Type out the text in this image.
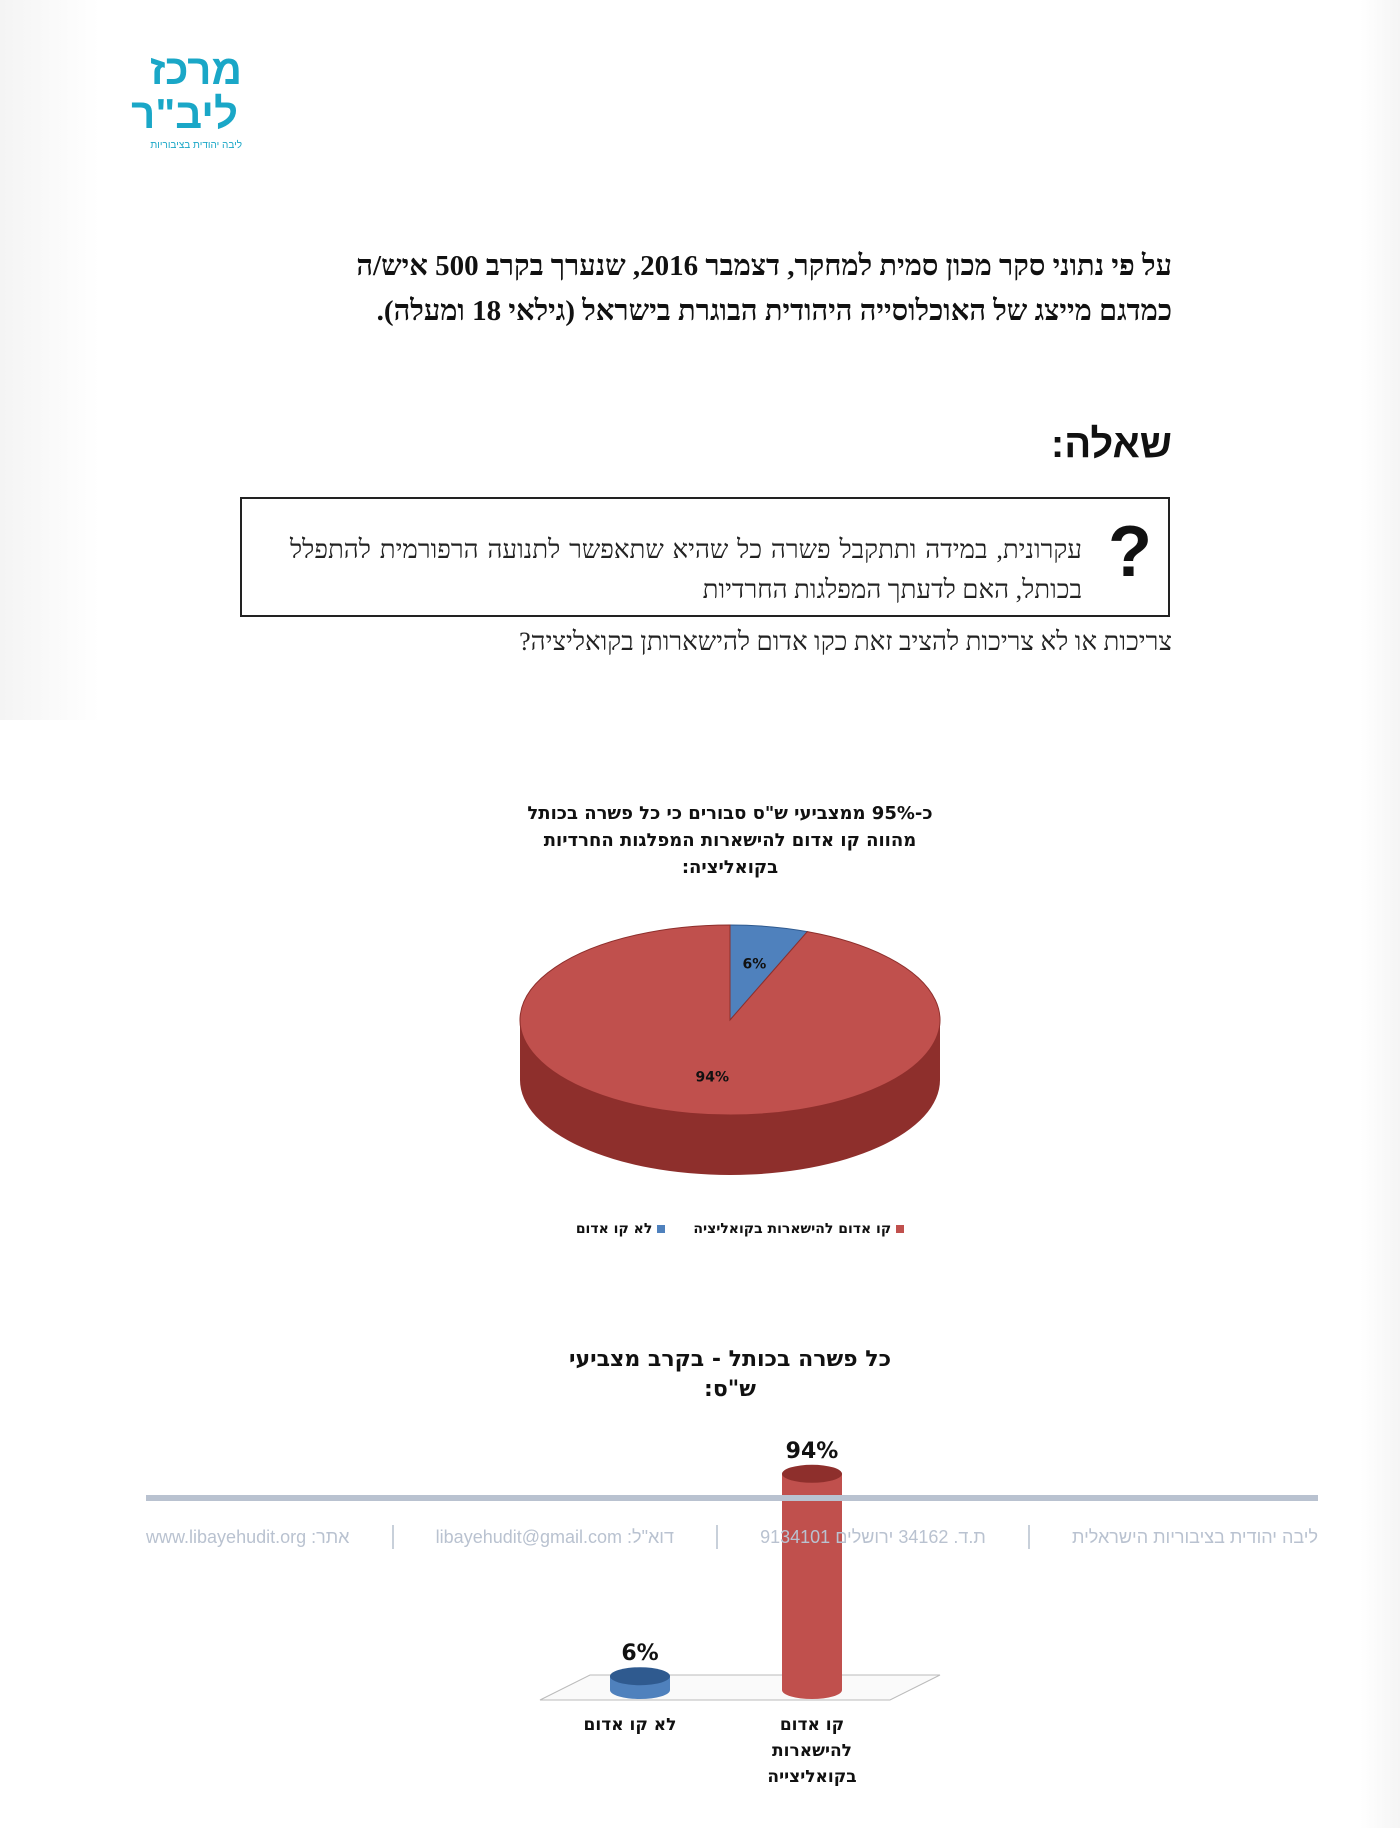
מרכז
ליב"ר
ליבה יהודית בציבוריות
על פי נתוני סקר מכון סמית למחקר, דצמבר 2016, שנערך בקרב 500 איש/ה כמדגם מייצג של האוכלוסייה היהודית הבוגרת בישראל (גילאי 18 ומעלה).
שאלה:
?
עקרונית, במידה ותתקבל פשרה כל שהיא שתאפשר לתנועה הרפורמית להתפלל בכותל, האם לדעתך המפלגות החרדיות
צריכות או לא צריכות להציב זאת כקו אדום להישארותן בקואליציה?
כ-95% ממצביעי ש"ס סבורים כי כל פשרה בכותל מהווה קו אדום להישארות המפלגות החרדיות בקואליציה:
6%
94%
קו אדום להישארות בקואליציה
לא קו אדום
כל פשרה בכותל - בקרב מצביעי ש"ס:
6%
94%
לא קו אדום	קו אדום
להישארות
בקואליצייה
ליבה יהודית בציבוריות הישראלית
ת.ד. 34162 ירושלים 9134101
דוא"ל: libayehudit@gmail.com
אתר: www.libayehudit.org
